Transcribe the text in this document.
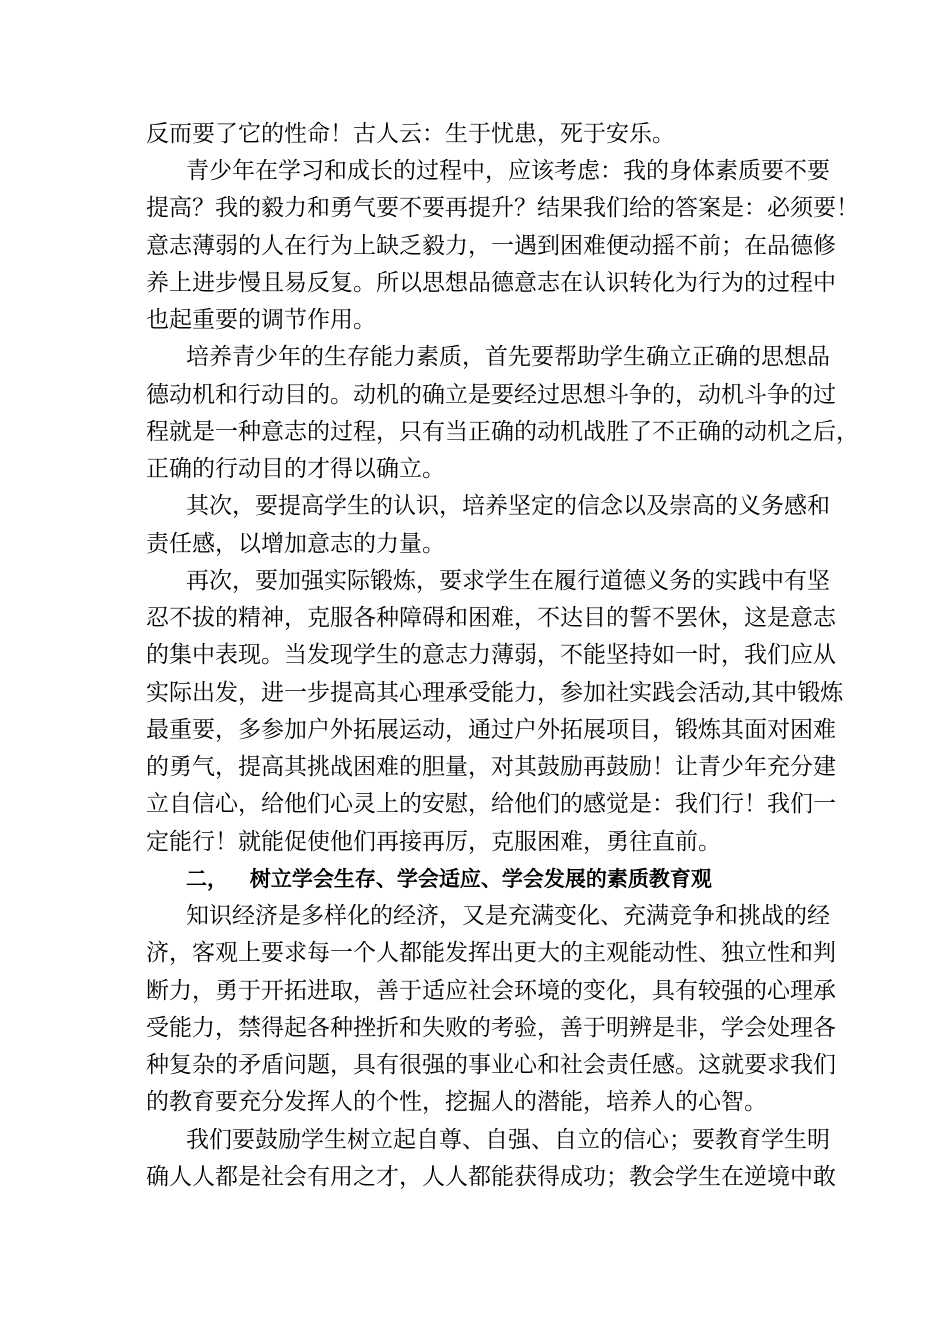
反而要了它的性命！古人云：生于忧患，死于安乐。
青少年在学习和成长的过程中，应该考虑：我的身体素质要不要
提高？我的毅力和勇气要不要再提升？结果我们给的答案是：必须要！
意志薄弱的人在行为上缺乏毅力，一遇到困难便动摇不前；在品德修
养上进步慢且易反复。所以思想品德意志在认识转化为行为的过程中
也起重要的调节作用。
培养青少年的生存能力素质，首先要帮助学生确立正确的思想品
德动机和行动目的。动机的确立是要经过思想斗争的，动机斗争的过
程就是一种意志的过程，只有当正确的动机战胜了不正确的动机之后，
正确的行动目的才得以确立。
其次，要提高学生的认识，培养坚定的信念以及崇高的义务感和
责任感，以增加意志的力量。
再次，要加强实际锻炼，要求学生在履行道德义务的实践中有坚
忍不拔的精神，克服各种障碍和困难，不达目的誓不罢休，这是意志
的集中表现。当发现学生的意志力薄弱，不能坚持如一时，我们应从
实际出发，进一步提高其心理承受能力，参加社实践会活动,其中锻炼
最重要，多参加户外拓展运动，通过户外拓展项目，锻炼其面对困难
的勇气，提高其挑战困难的胆量，对其鼓励再鼓励！让青少年充分建
立自信心，给他们心灵上的安慰，给他们的感觉是：我们行！我们一
定能行！就能促使他们再接再厉，克服困难，勇往直前。
二，   树立学会生存、学会适应、学会发展的素质教育观
知识经济是多样化的经济，又是充满变化、充满竞争和挑战的经
济，客观上要求每一个人都能发挥出更大的主观能动性、独立性和判
断力，勇于开拓进取，善于适应社会环境的变化，具有较强的心理承
受能力，禁得起各种挫折和失败的考验，善于明辨是非，学会处理各
种复杂的矛盾问题，具有很强的事业心和社会责任感。这就要求我们
的教育要充分发挥人的个性，挖掘人的潜能，培养人的心智。
我们要鼓励学生树立起自尊、自强、自立的信心；要教育学生明
确人人都是社会有用之才，人人都能获得成功；教会学生在逆境中敢
